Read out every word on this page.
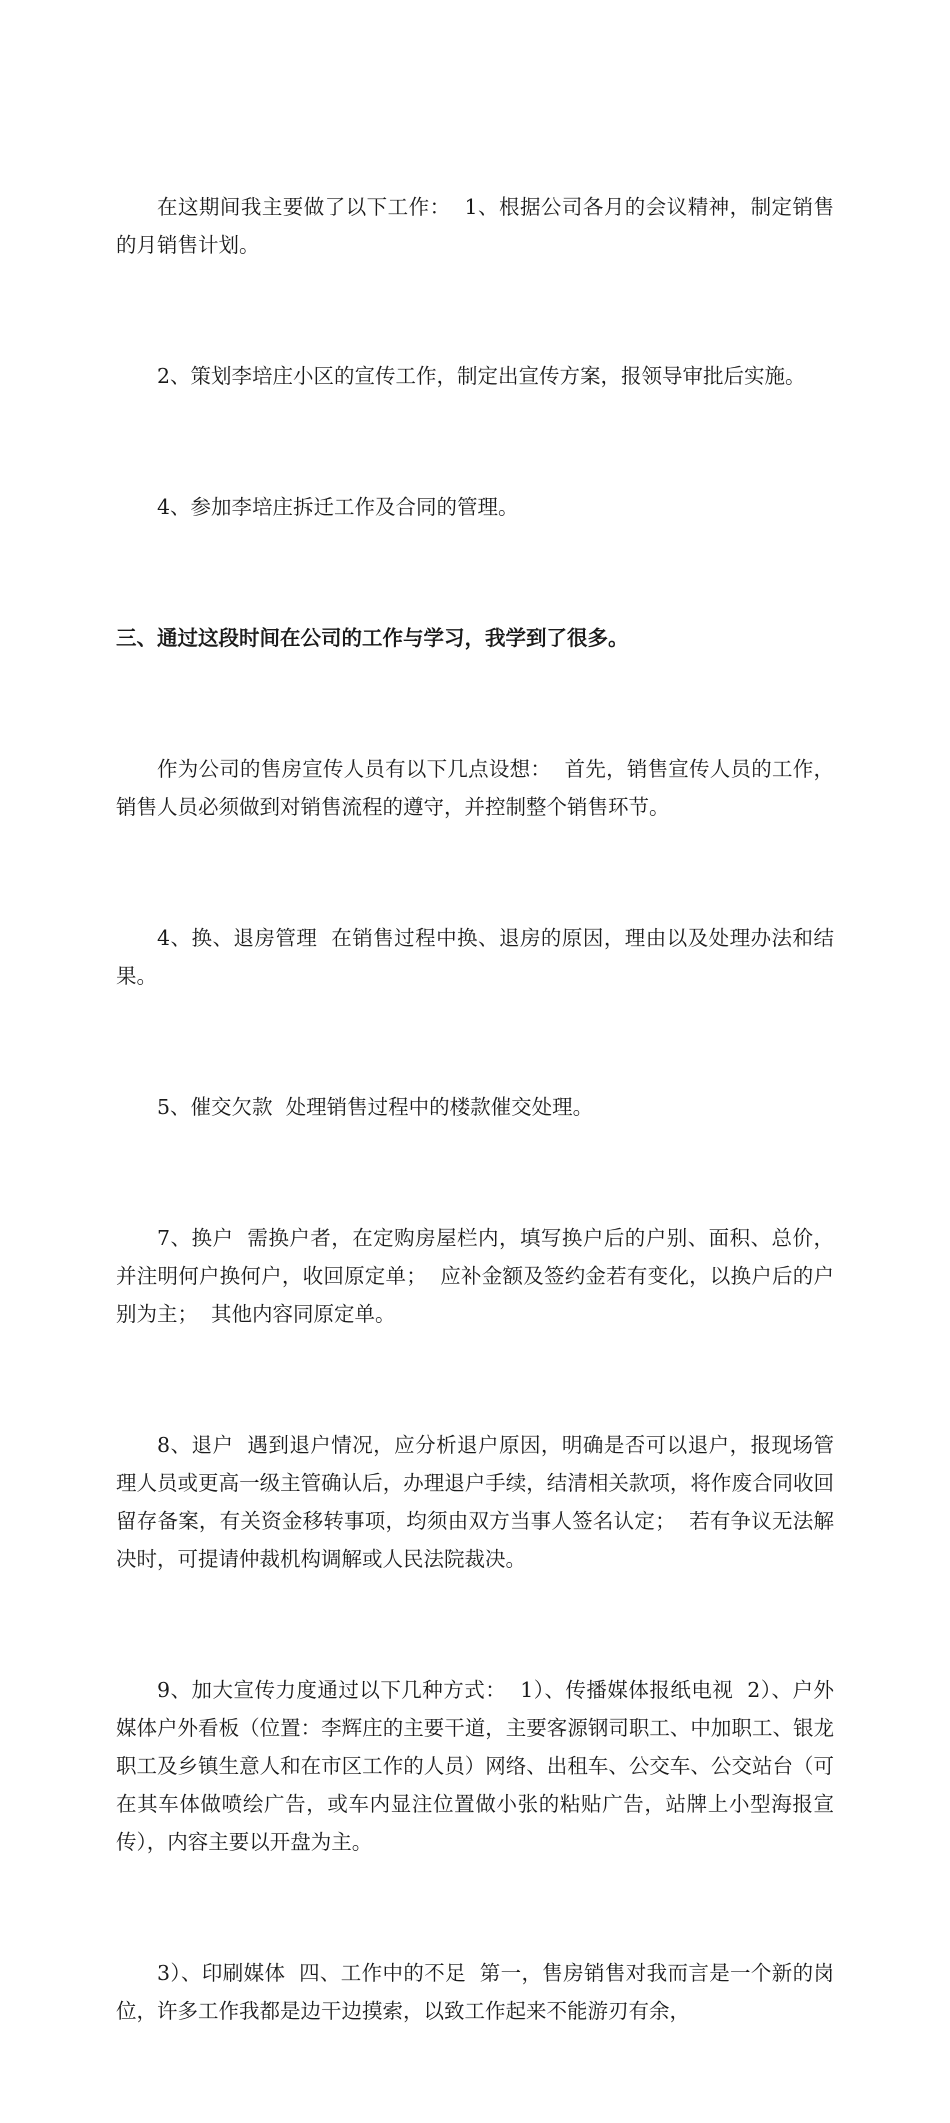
在这期间我主要做了以下工作：  1、根据公司各月的会议精神，制定销售的月销售计划。

2、策划李培庄小区的宣传工作，制定出宣传方案，报领导审批后实施。

4、参加李培庄拆迁工作及合同的管理。

三、通过这段时间在公司的工作与学习，我学到了很多。

作为公司的售房宣传人员有以下几点设想：  首先，销售宣传人员的工作，销售人员必须做到对销售流程的遵守，并控制整个销售环节。

4、换、退房管理  在销售过程中换、退房的原因，理由以及处理办法和结果。

5、催交欠款  处理销售过程中的楼款催交处理。

7、换户  需换户者，在定购房屋栏内，填写换户后的户别、面积、总价，并注明何户换何户，收回原定单；  应补金额及签约金若有变化，以换户后的户别为主；  其他内容同原定单。

8、退户  遇到退户情况，应分析退户原因，明确是否可以退户，报现场管理人员或更高一级主管确认后，办理退户手续，结清相关款项，将作废合同收回留存备案，有关资金移转事项，均须由双方当事人签名认定；  若有争议无法解决时，可提请仲裁机构调解或人民法院裁决。

9、加大宣传力度通过以下几种方式：  1）、传播媒体报纸电视  2）、户外媒体户外看板（位置：李辉庄的主要干道，主要客源钢司职工、中加职工、银龙职工及乡镇生意人和在市区工作的人员）网络、出租车、公交车、公交站台（可在其车体做喷绘广告，或车内显注位置做小张的粘贴广告，站牌上小型海报宣传），内容主要以开盘为主。

3）、印刷媒体  四、工作中的不足  第一，售房销售对我而言是一个新的岗位，许多工作我都是边干边摸索，以致工作起来不能游刃有余，
